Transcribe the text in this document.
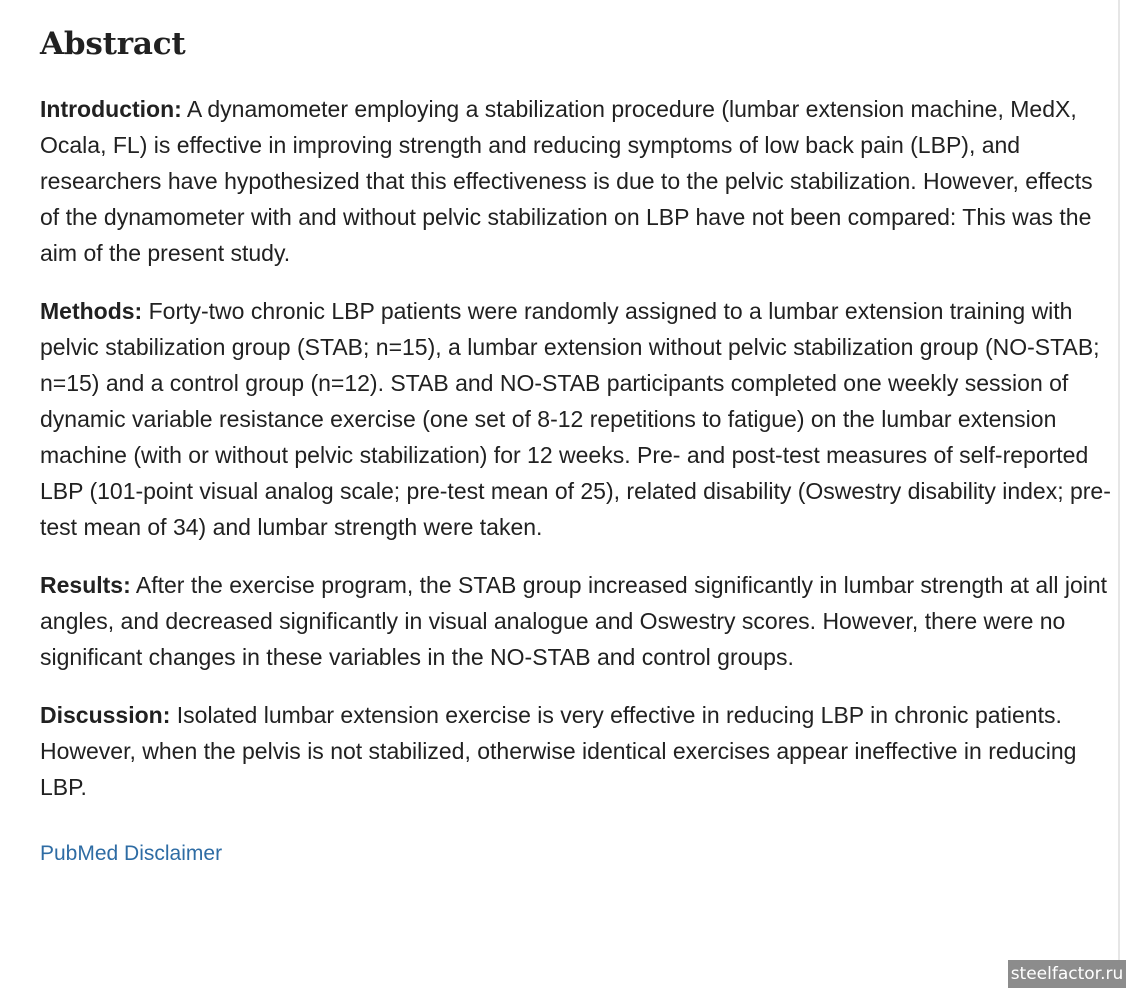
Abstract

Introduction: A dynamometer employing a stabilization procedure (lumbar extension machine, MedX, Ocala, FL) is effective in improving strength and reducing symptoms of low back pain (LBP), and researchers have hypothesized that this effectiveness is due to the pelvic stabilization. However, effects of the dynamometer with and without pelvic stabilization on LBP have not been compared: This was the aim of the present study.

Methods: Forty-two chronic LBP patients were randomly assigned to a lumbar extension training with pelvic stabilization group (STAB; n=15), a lumbar extension without pelvic stabilization group (NO-STAB; n=15) and a control group (n=12). STAB and NO-STAB participants completed one weekly session of dynamic variable resistance exercise (one set of 8-12 repetitions to fatigue) on the lumbar extension machine (with or without pelvic stabilization) for 12 weeks. Pre- and post-test measures of self-reported LBP (101-point visual analog scale; pre-test mean of 25), related disability (Oswestry disability index; pre-test mean of 34) and lumbar strength were taken.

Results: After the exercise program, the STAB group increased significantly in lumbar strength at all joint angles, and decreased significantly in visual analogue and Oswestry scores. However, there were no significant changes in these variables in the NO-STAB and control groups.

Discussion: Isolated lumbar extension exercise is very effective in reducing LBP in chronic patients. However, when the pelvis is not stabilized, otherwise identical exercises appear ineffective in reducing LBP.

PubMed Disclaimer
steelfactor.ru
